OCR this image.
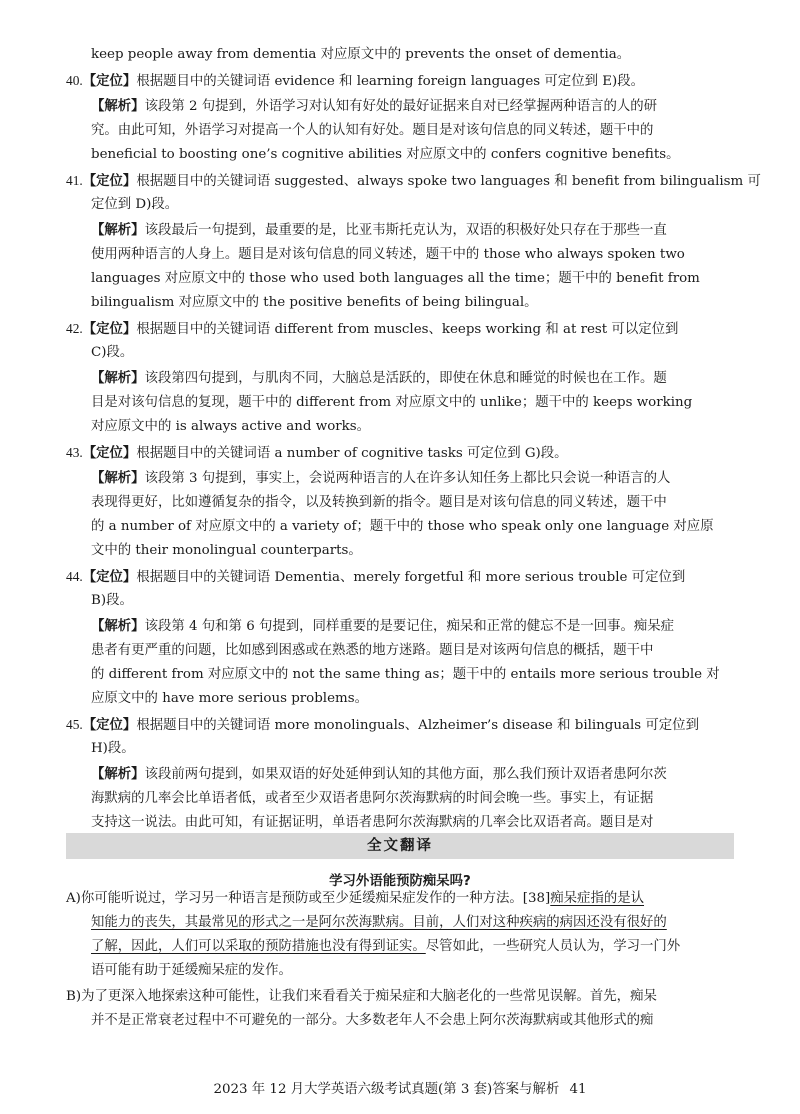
keep people away from dementia 对应原文中的 prevents the onset of dementia。
40.【定位】根据题目中的关键词语 evidence 和 learning foreign languages 可定位到 E)段。
【解析】该段第 2 句提到，外语学习对认知有好处的最好证据来自对已经掌握两种语言的人的研
究。由此可知，外语学习对提高一个人的认知有好处。题目是对该句信息的同义转述，题干中的
beneficial to boosting one’s cognitive abilities 对应原文中的 confers cognitive benefits。
41.【定位】根据题目中的关键词语 suggested、always spoke two languages 和 benefit from bilingualism 可
定位到 D)段。
【解析】该段最后一句提到，最重要的是，比亚韦斯托克认为，双语的积极好处只存在于那些一直
使用两种语言的人身上。题目是对该句信息的同义转述，题干中的 those who always spoken two
languages 对应原文中的 those who used both languages all the time；题干中的 benefit from
bilingualism 对应原文中的 the positive benefits of being bilingual。
42.【定位】根据题目中的关键词语 different from muscles、keeps working 和 at rest 可以定位到
C)段。
【解析】该段第四句提到，与肌肉不同，大脑总是活跃的，即使在休息和睡觉的时候也在工作。题
目是对该句信息的复现，题干中的 different from 对应原文中的 unlike；题干中的 keeps working
对应原文中的 is always active and works。
43.【定位】根据题目中的关键词语 a number of cognitive tasks 可定位到 G)段。
【解析】该段第 3 句提到，事实上，会说两种语言的人在许多认知任务上都比只会说一种语言的人
表现得更好，比如遵循复杂的指令，以及转换到新的指令。题目是对该句信息的同义转述，题干中
的 a number of 对应原文中的 a variety of；题干中的 those who speak only one language 对应原
文中的 their monolingual counterparts。
44.【定位】根据题目中的关键词语 Dementia、merely forgetful 和 more serious trouble 可定位到
B)段。
【解析】该段第 4 句和第 6 句提到，同样重要的是要记住，痴呆和正常的健忘不是一回事。痴呆症
患者有更严重的问题，比如感到困惑或在熟悉的地方迷路。题目是对该两句信息的概括，题干中
的 different from 对应原文中的 not the same thing as；题干中的 entails more serious trouble 对
应原文中的 have more serious problems。
45.【定位】根据题目中的关键词语 more monolinguals、Alzheimer’s disease 和 bilinguals 可定位到
H)段。
【解析】该段前两句提到，如果双语的好处延伸到认知的其他方面，那么我们预计双语者患阿尔茨
海默病的几率会比单语者低，或者至少双语者患阿尔茨海默病的时间会晚一些。事实上，有证据
支持这一说法。由此可知，有证据证明，单语者患阿尔茨海默病的几率会比双语者高。题目是对
A)你可能听说过，学习另一种语言是预防或至少延缓痴呆症发作的一种方法。[38]痴呆症指的是认
知能力的丧失，其最常见的形式之一是阿尔茨海默病。目前，人们对这种疾病的病因还没有很好的
了解，因此，人们可以采取的预防措施也没有得到证实。尽管如此，一些研究人员认为，学习一门外
语可能有助于延缓痴呆症的发作。
B)为了更深入地探索这种可能性，让我们来看看关于痴呆症和大脑老化的一些常见误解。首先，痴呆
并不是正常衰老过程中不可避免的一部分。大多数老年人不会患上阿尔茨海默病或其他形式的痴
全文翻译
学习外语能预防痴呆吗?
2023 年 12 月大学英语六级考试真题(第 3 套)答案与解析 41
